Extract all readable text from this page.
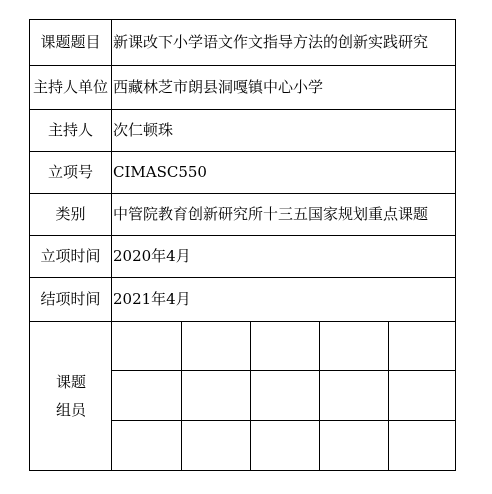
课题题目 新课改下小学语文作文指导方法的创新实践研究
主持人单位 西藏林芝市朗县洞嘎镇中心小学
主持人	次仁顿珠
立项号	CIMASC550
类别	中管院教育创新研究所十三五国家规划重点课题
立项时间 2020年4月
结项时间 2021年4月
课题
组员
